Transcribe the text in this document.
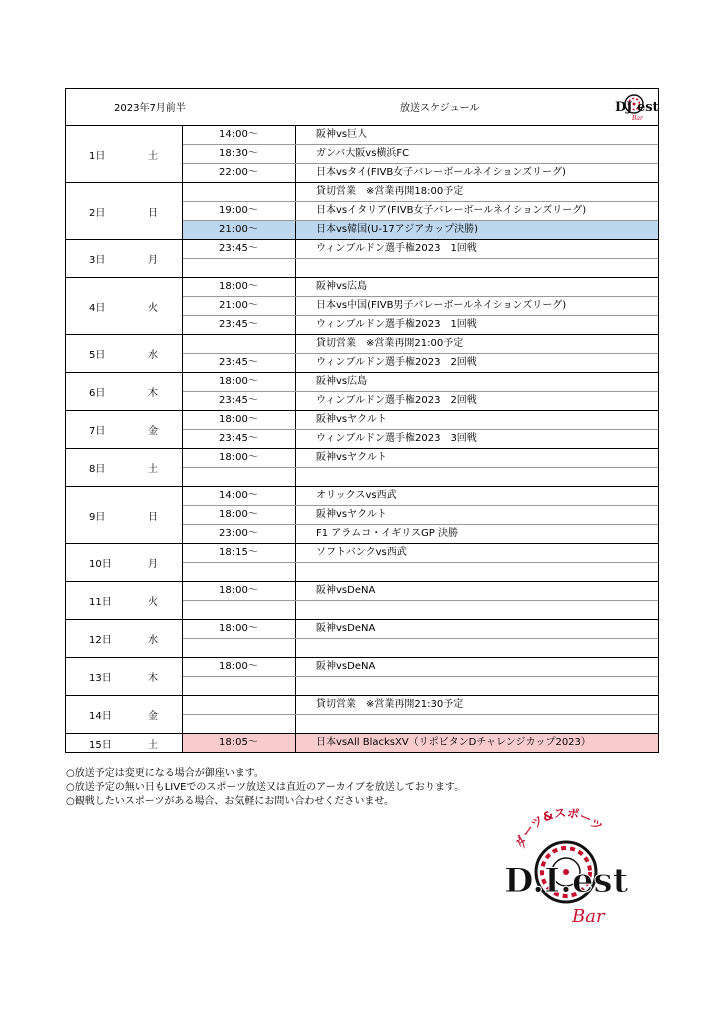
2023年7月前半	放送スケジュール	DJ est
Bar
1日	土
14:00～	阪神vs巨人
18:30～	ガンバ大阪vs横浜FC
22:00～	日本vsタイ(FIVB女子バレーボールネイションズリーグ)
2日	日
貸切営業　※営業再開18:00予定
19:00～	日本vsイタリア(FIVB女子バレーボールネイションズリーグ)
21:00～	日本vs韓国(U-17アジアカップ決勝)
3日	月
23:45～	ウィンブルドン選手権2023　1回戦
4日	火
18:00～	阪神vs広島
21:00～	日本vs中国(FIVB男子バレーボールネイションズリーグ)
23:45～	ウィンブルドン選手権2023　1回戦
5日	水
貸切営業　※営業再開21:00予定
23:45～	ウィンブルドン選手権2023　2回戦
6日	木
18:00～	阪神vs広島
23:45～	ウィンブルドン選手権2023　2回戦
7日	金
18:00～	阪神vsヤクルト
23:45～	ウィンブルドン選手権2023　3回戦
8日	土
18:00～	阪神vsヤクルト
9日	日
14:00～	オリックスvs西武
18:00～	阪神vsヤクルト
23:00～	F1 アラムコ・イギリスGP 決勝
10日	月
18:15～	ソフトバンクvs西武
11日	火
18:00～	阪神vsDeNA
12日	水
18:00～	阪神vsDeNA
13日	木
18:00～	阪神vsDeNA
14日	金
貸切営業　※営業再開21:30予定
15日	土	18:05～	日本vsAll BlacksXV（リポビタンDチャレンジカップ2023）
○放送予定は変更になる場合が御座います。
○放送予定の無い日もLIVEでのスポーツ放送又は直近のアーカイブを放送しております。
○観戦したいスポーツがある場合、お気軽にお問い合わせくださいませ。
ダーツ&スポーツ
D.I.est
Bar
